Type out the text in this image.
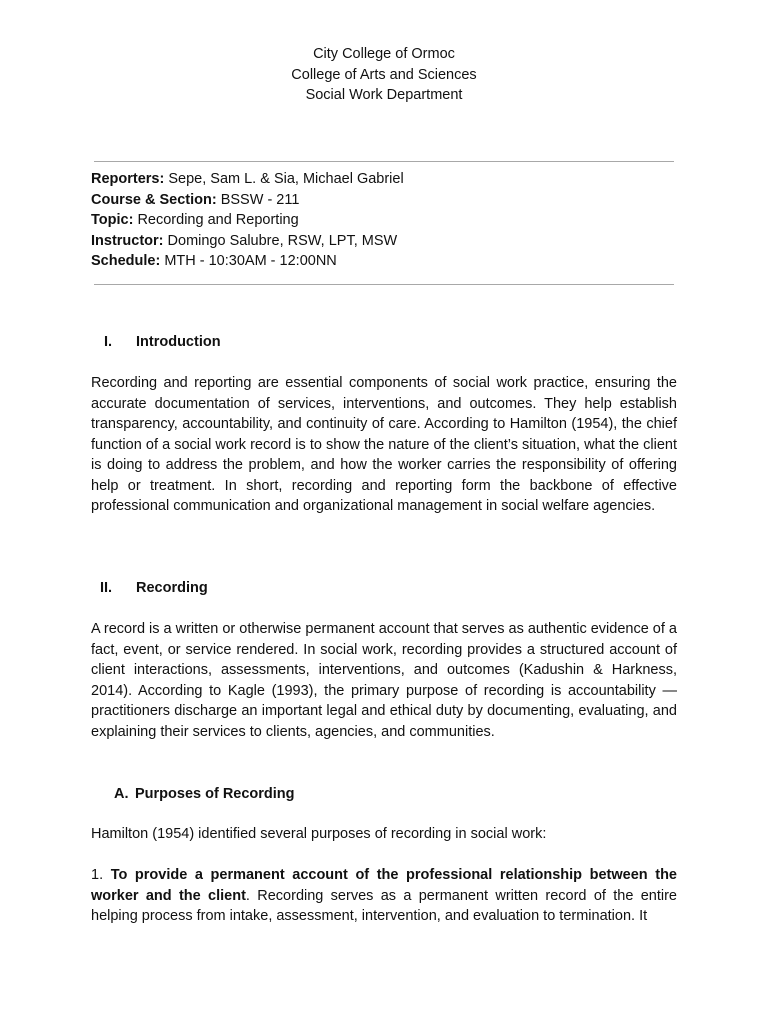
City College of Ormoc
College of Arts and Sciences
Social Work Department
Reporters: Sepe, Sam L. & Sia, Michael Gabriel
Course & Section: BSSW - 211
Topic: Recording and Reporting
Instructor: Domingo Salubre, RSW, LPT, MSW
Schedule: MTH - 10:30AM - 12:00NN
I. Introduction
Recording and reporting are essential components of social work practice, ensuring the accurate documentation of services, interventions, and outcomes. They help establish transparency, accountability, and continuity of care. According to Hamilton (1954), the chief function of a social work record is to show the nature of the client’s situation, what the client is doing to address the problem, and how the worker carries the responsibility of offering help or treatment. In short, recording and reporting form the backbone of effective professional communication and organizational management in social welfare agencies.
II. Recording
A record is a written or otherwise permanent account that serves as authentic evidence of a fact, event, or service rendered. In social work, recording provides a structured account of client interactions, assessments, interventions, and outcomes (Kadushin & Harkness, 2014). According to Kagle (1993), the primary purpose of recording is accountability — practitioners discharge an important legal and ethical duty by documenting, evaluating, and explaining their services to clients, agencies, and communities.
A. Purposes of Recording
Hamilton (1954) identified several purposes of recording in social work:
1. To provide a permanent account of the professional relationship between the worker and the client. Recording serves as a permanent written record of the entire helping process from intake, assessment, intervention, and evaluation to termination. It
